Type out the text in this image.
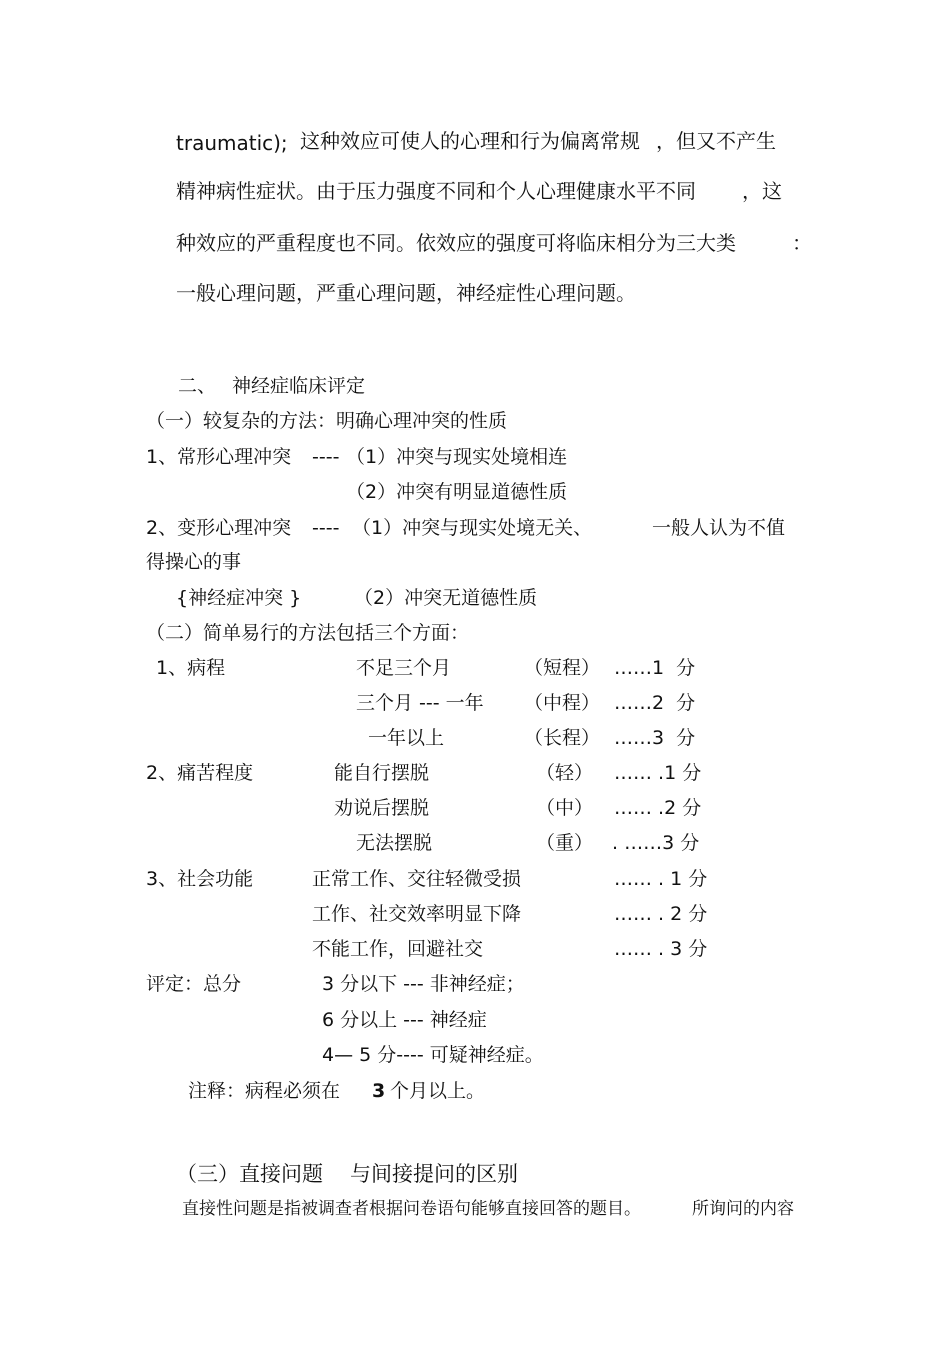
traumatic); 这种效应可使人的心理和行为偏离常规 ，但又不产生
精神病性症状。由于压力强度不同和个人心理健康水平不同 ，这
种效应的严重程度也不同。依效应的强度可将临床相分为三大类	：
一般心理问题，严重心理问题，神经症性心理问题。
二、 神经症临床评定
（一）较复杂的方法：明确心理冲突的性质
1、常形心理冲突 ---- （1）冲突与现实处境相连
（2）冲突有明显道德性质
2、变形心理冲突 ---- （1）冲突与现实处境无关、	一般人认为不值
得操心的事
{神经症冲突 }	（2）冲突无道德性质
（二）简单易行的方法包括三个方面：
1、病程	不足三个月	（短程） ……1  分
三个月 --- 一年 （中程） ……2  分
一年以上	（长程） ……3  分
2、痛苦程度	能自行摆脱	（轻） …… .1 分
劝说后摆脱	（中） …… .2 分
无法摆脱	（重） . ……3 分
3、社会功能	正常工作、交往轻微受损	…… . 1 分
工作、社交效率明显下降	…… . 2 分
不能工作，回避社交	…… . 3 分
评定：总分	3 分以下 --- 非神经症；
6 分以上 --- 神经症
4— 5 分---- 可疑神经症。
注释：病程必须在 3 个月以上。
（三）直接问题 与间接提问的区别
直接性问题是指被调查者根据问卷语句能够直接回答的题目。	所询问的内容
